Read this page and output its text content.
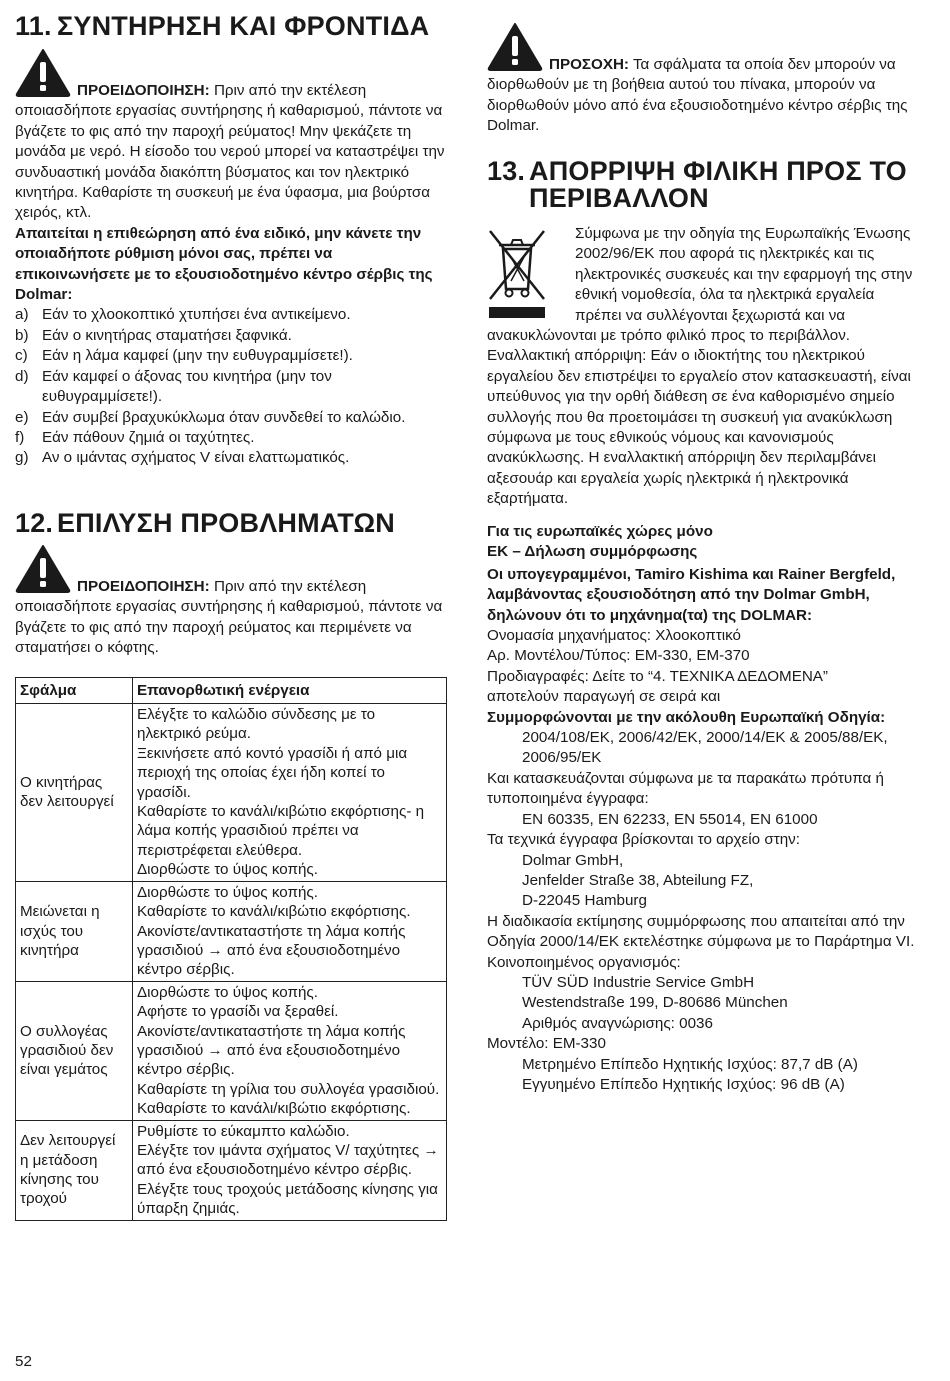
11. ΣΥΝΤΗΡΗΣΗ ΚΑΙ ΦΡΟΝΤΙΔΑ

ΠΡΟΕΙΔΟΠΟΙΗΣΗ: Πριν από την εκτέλεση οποιασδήποτε εργασίας συντήρησης ή καθαρισμού, πάντοτε να βγάζετε το φις από την παροχή ρεύματος! Μην ψεκάζετε τη μονάδα με νερό. Η είσοδο του νερού μπορεί να καταστρέψει την συνδυαστική μονάδα διακόπτη βύσματος και τον ηλεκτρικό κινητήρα. Καθαρίστε τη συσκευή με ένα ύφασμα, μια βούρτσα χειρός, κτλ.

Απαιτείται η επιθεώρηση από ένα ειδικό, μην κάνετε την οποιαδήποτε ρύθμιση μόνοι σας, πρέπει να επικοινωνήσετε με το εξουσιοδοτημένο κέντρο σέρβις της Dolmar:

a) Εάν το χλοοκοπτικό χτυπήσει ένα αντικείμενο.
b) Εάν ο κινητήρας σταματήσει ξαφνικά.
c) Εάν η λάμα καμφεί (μην την ευθυγραμμίσετε!).
d) Εάν καμφεί ο άξονας του κινητήρα (μην τον ευθυγραμμίσετε!).
e) Εάν συμβεί βραχυκύκλωμα όταν συνδεθεί το καλώδιο.
f)	Εάν πάθουν ζημιά οι ταχύτητες.
g) Αν ο ιμάντας σχήματος V είναι ελαττωματικός.
12. ΕΠΙΛΥΣΗ ΠΡΟΒΛΗΜΑΤΩΝ

ΠΡΟΕΙΔΟΠΟΙΗΣΗ: Πριν από την εκτέλεση οποιασδήποτε εργασίας συντήρησης ή καθαρισμού, πάντοτε να βγάζετε το φις από την παροχή ρεύματος και περιμένετε να σταματήσει ο κόφτης.

Σφάλμα	Επανορθωτική ενέργεια
Ο κινητήρας δεν λειτουργεί	Ελέγξτε το καλώδιο σύνδεσης με το ηλεκτρικό ρεύμα.
Ξεκινήσετε από κοντό γρασίδι ή από μια περιοχή της οποίας έχει ήδη κοπεί το γρασίδι.
Καθαρίστε το κανάλι/κιβώτιο εκφόρτισης- η λάμα κοπής γρασιδιού πρέπει να περιστρέφεται ελεύθερα.
Διορθώστε το ύψος κοπής.

Μειώνεται η ισχύς του κινητήρα	Διορθώστε το ύψος κοπής.
Καθαρίστε το κανάλι/κιβώτιο εκφόρτισης.
Ακονίστε/αντικαταστήστε τη λάμα κοπής γρασιδιού → από ένα εξουσιοδοτημένο κέντρο σέρβις.

Ο συλλογέας γρασιδιού δεν είναι γεμάτος	Διορθώστε το ύψος κοπής.
Αφήστε το γρασίδι να ξεραθεί.
Ακονίστε/αντικαταστήστε τη λάμα κοπής γρασιδιού → από ένα εξουσιοδοτημένο κέντρο σέρβις.
Καθαρίστε τη γρίλια του συλλογέα γρασιδιού.
Καθαρίστε το κανάλι/κιβώτιο εκφόρτισης.

Δεν λειτουργεί η μετάδοση κίνησης του τροχού	Ρυθμίστε το εύκαμπτο καλώδιο.
Ελέγξτε τον ιμάντα σχήματος V/ ταχύτητες → από ένα εξουσιοδοτημένο κέντρο σέρβις.
Ελέγξτε τους τροχούς μετάδοσης κίνησης για ύπαρξη ζημιάς.

ΠΡΟΣΟΧΗ: Τα σφάλματα τα οποία δεν μπορούν να διορθωθούν με τη βοήθεια αυτού του πίνακα, μπορούν να διορθωθούν μόνο από ένα εξουσιοδοτημένο κέντρο σέρβις της Dolmar.

13. ΑΠΟΡΡΙΨΗ ΦΙΛΙΚΗ ΠΡΟΣ ΤΟ
ΠΕΡΙΒΑΛΛΟΝ

Σύμφωνα με την οδηγία της Ευρωπαϊκής Ένωσης 2002/96/ΕΚ που αφορά τις ηλεκτρικές και τις ηλεκτρονικές συσκευές και την εφαρμογή της στην εθνική νομοθεσία, όλα τα ηλεκτρικά εργαλεία πρέπει να συλλέγονται ξεχωριστά και να ανακυκλώνονται με τρόπο φιλικό προς το περιβάλλον. Εναλλακτική απόρριψη: Εάν ο ιδιοκτήτης του ηλεκτρικού εργαλείου δεν επιστρέψει το εργαλείο στον κατασκευαστή, είναι υπεύθυνος για την ορθή διάθεση σε ένα καθορισμένο σημείο συλλογής που θα προετοιμάσει τη συσκευή για ανακύκλωση σύμφωνα με τους εθνικούς νόμους και κανονισμούς ανακύκλωσης. Η εναλλακτική απόρριψη δεν περιλαμβάνει αξεσουάρ και εργαλεία χωρίς ηλεκτρικά ή ηλεκτρονικά εξαρτήματα.

Για τις ευρωπαϊκές χώρες μόνο

ΕΚ – Δήλωση συμμόρφωσης

Οι υπογεγραμμένοι, Tamiro Kishima και Rainer Bergfeld, λαμβάνοντας εξουσιοδότηση από την Dolmar GmbH, δηλώνουν ότι το μηχάνημα(τα) της DOLMAR:

Ονομασία μηχανήματος: Χλοοκοπτικό

Αρ. Μοντέλου/Τύπος: EM-330, EM-370

Προδιαγραφές: Δείτε το “4. ΤΕΧΝΙΚΑ ΔΕΔΟΜΕΝΑ”

αποτελούν παραγωγή σε σειρά και

Συμμορφώνονται με την ακόλουθη Ευρωπαϊκή Οδηγία:

2004/108/ΕΚ, 2006/42/ΕΚ, 2000/14/ΕΚ & 2005/88/ΕΚ, 2006/95/ΕΚ

Και κατασκευάζονται σύμφωνα με τα παρακάτω πρότυπα ή τυποποιημένα έγγραφα:

EN 60335, EN 62233, EN 55014, EN 61000

Τα τεχνικά έγγραφα βρίσκονται το αρχείο στην:

Dolmar GmbH,

Jenfelder Straße 38, Abteilung FZ,

D-22045 Hamburg

Η διαδικασία εκτίμησης συμμόρφωσης που απαιτείται από την Οδηγία 2000/14/ΕΚ εκτελέστηκε σύμφωνα με το Παράρτημα VI.

Κοινοποιημένος οργανισμός:

TÜV SÜD Industrie Service GmbH

Westendstraße 199, D-80686 München

Αριθμός αναγνώρισης: 0036

Μοντέλο: EM-330

Μετρημένο Επίπεδο Ηχητικής Ισχύος: 87,7 dB (A)

Εγγυημένο Επίπεδο Ηχητικής Ισχύος: 96 dB (A)

52
